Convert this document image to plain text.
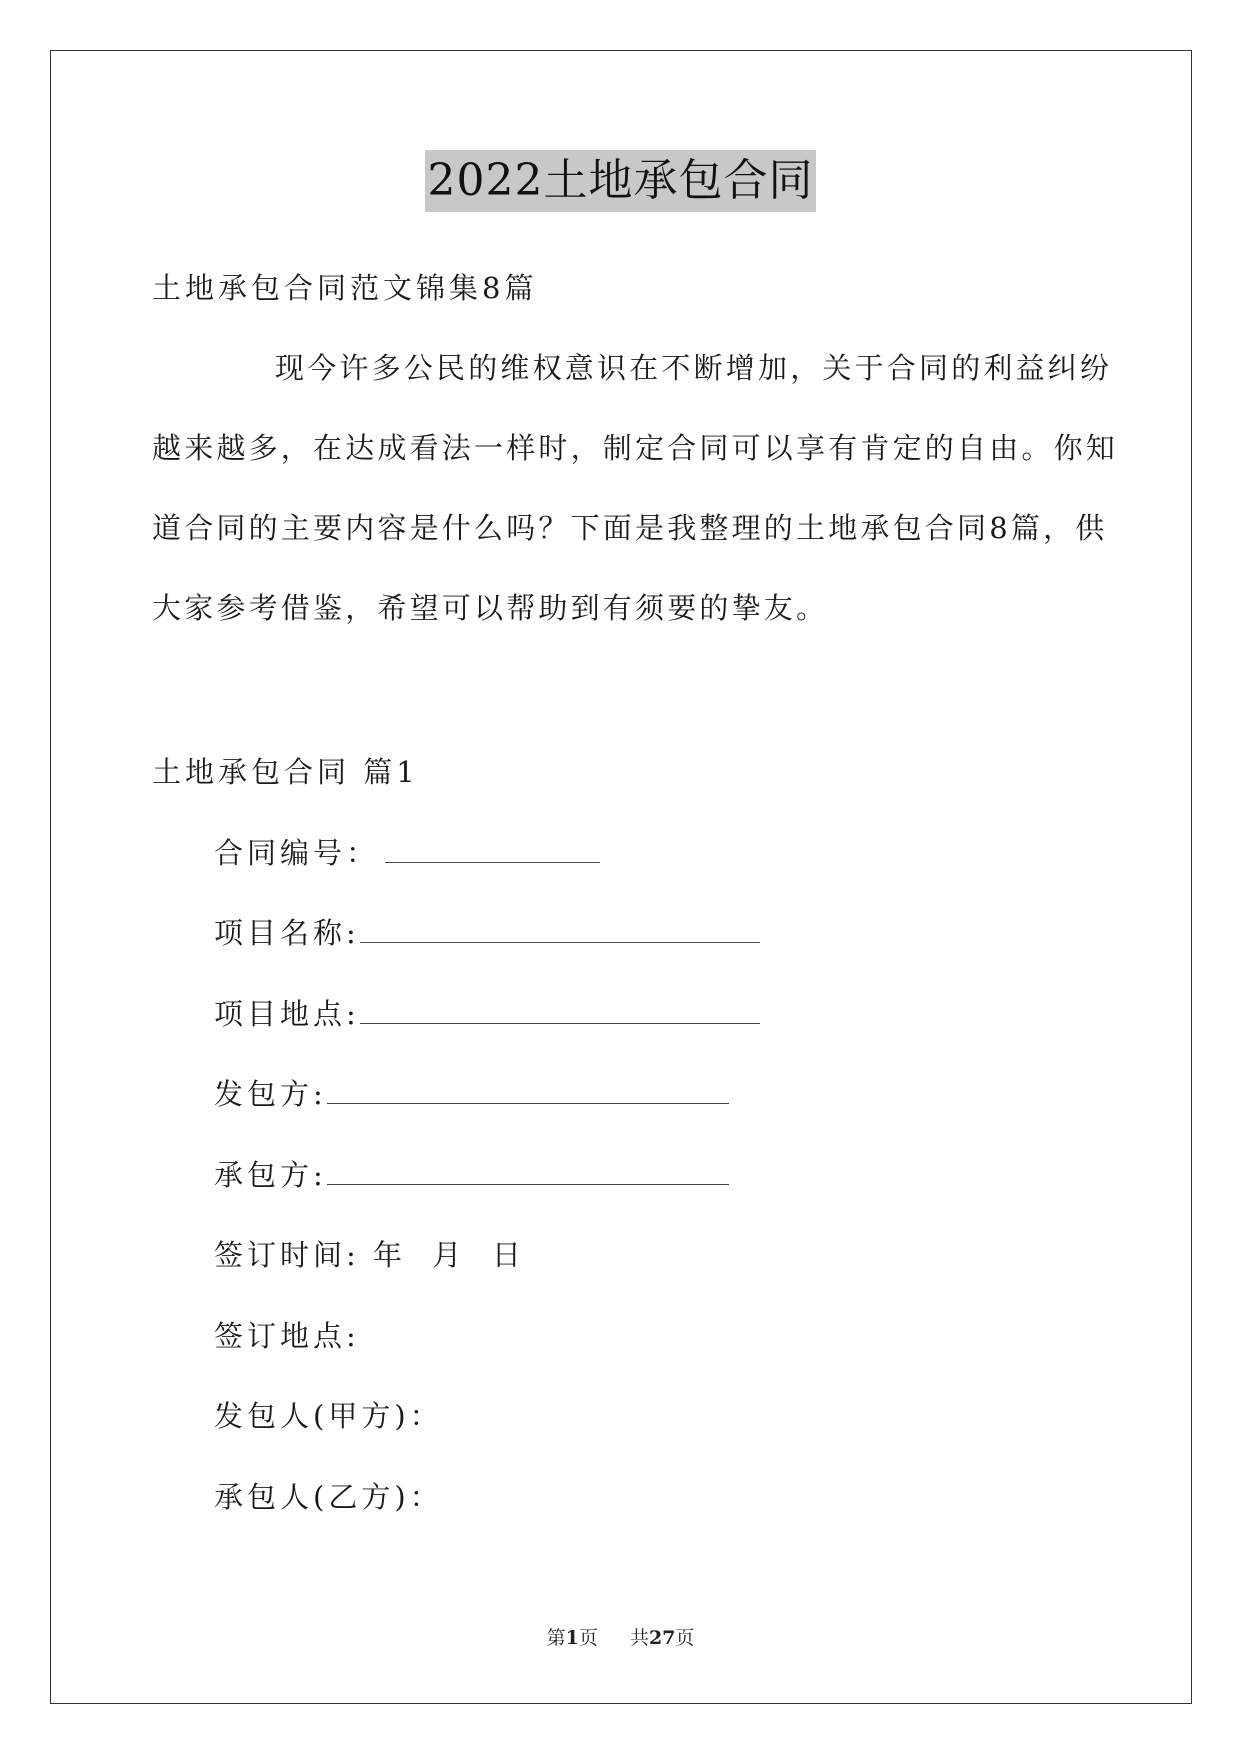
2022土地承包合同
土地承包合同范文锦集8篇
现今许多公民的维权意识在不断增加，关于合同的利益纠纷
越来越多，在达成看法一样时，制定合同可以享有肯定的自由。你知
道合同的主要内容是什么吗？下面是我整理的土地承包合同8篇，供
大家参考借鉴，希望可以帮助到有须要的挚友。
土地承包合同 篇1
合同编号：
项目名称:
项目地点:
发包方:
承包方:
签订时间: 年  月  日
签订地点:
发包人(甲方)：
承包人(乙方)：
第1页 共27页
